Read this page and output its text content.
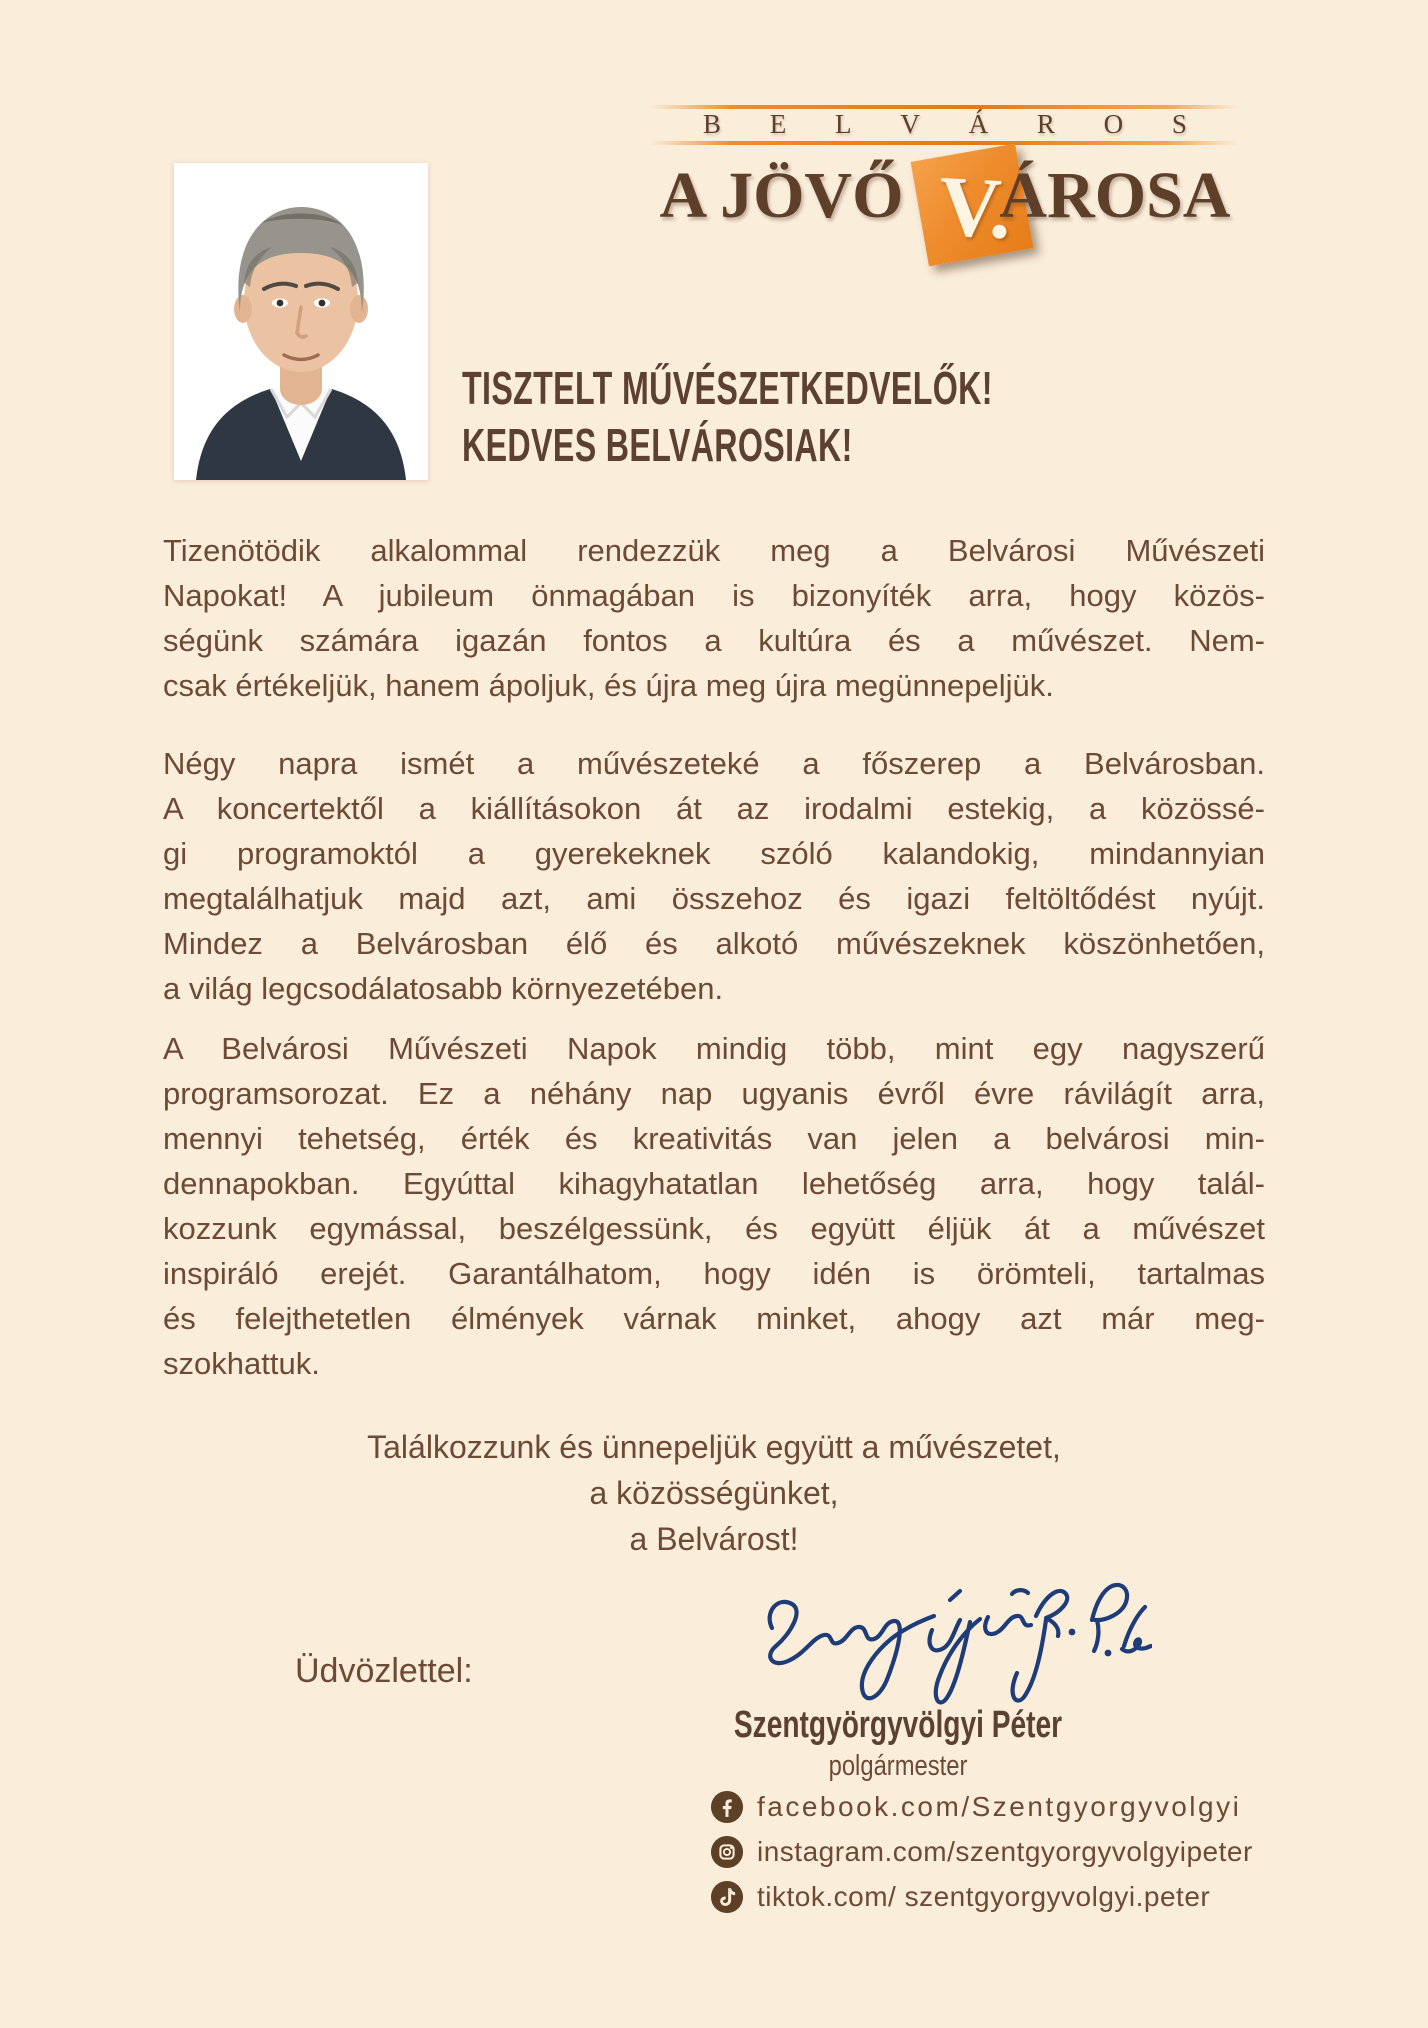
B E L V Á R O S
A JÖVŐ V.
ÁROSA
TISZTELT MŰVÉSZETKEDVELŐK!
KEDVES BELVÁROSIAK!
Tizenötödik alkalommal rendezzük meg a Belvárosi Művészeti
Napokat! A jubileum önmagában is bizonyíték arra, hogy közös-
ségünk számára igazán fontos a kultúra és a művészet. Nem-
csak értékeljük, hanem ápoljuk, és újra meg újra megünnepeljük.
Négy napra ismét a művészeteké a főszerep a Belvárosban.
A koncertektől a kiállításokon át az irodalmi estekig, a közössé-
gi programoktól a gyerekeknek szóló kalandokig, mindannyian
megtalálhatjuk majd azt, ami összehoz és igazi feltöltődést nyújt.
Mindez a Belvárosban élő és alkotó művészeknek köszönhetően,
a világ legcsodálatosabb környezetében.
A Belvárosi Művészeti Napok mindig több, mint egy nagyszerű
programsorozat. Ez a néhány nap ugyanis évről évre rávilágít arra,
mennyi tehetség, érték és kreativitás van jelen a belvárosi min-
dennapokban. Egyúttal kihagyhatatlan lehetőség arra, hogy talál-
kozzunk egymással, beszélgessünk, és együtt éljük át a művészet
inspiráló erejét. Garantálhatom, hogy idén is örömteli, tartalmas
és felejthetetlen élmények várnak minket, ahogy azt már meg-
szokhattuk.
Találkozzunk és ünnepeljük együtt a művészetet,
a közösségünket,
a Belvárost!
Üdvözlettel:
Szentgyörgyvölgyi Péter
polgármester
facebook.com/Szentgyorgyvolgyi
instagram.com/szentgyorgyvolgyipeter
tiktok.com/ szentgyorgyvolgyi.peter
